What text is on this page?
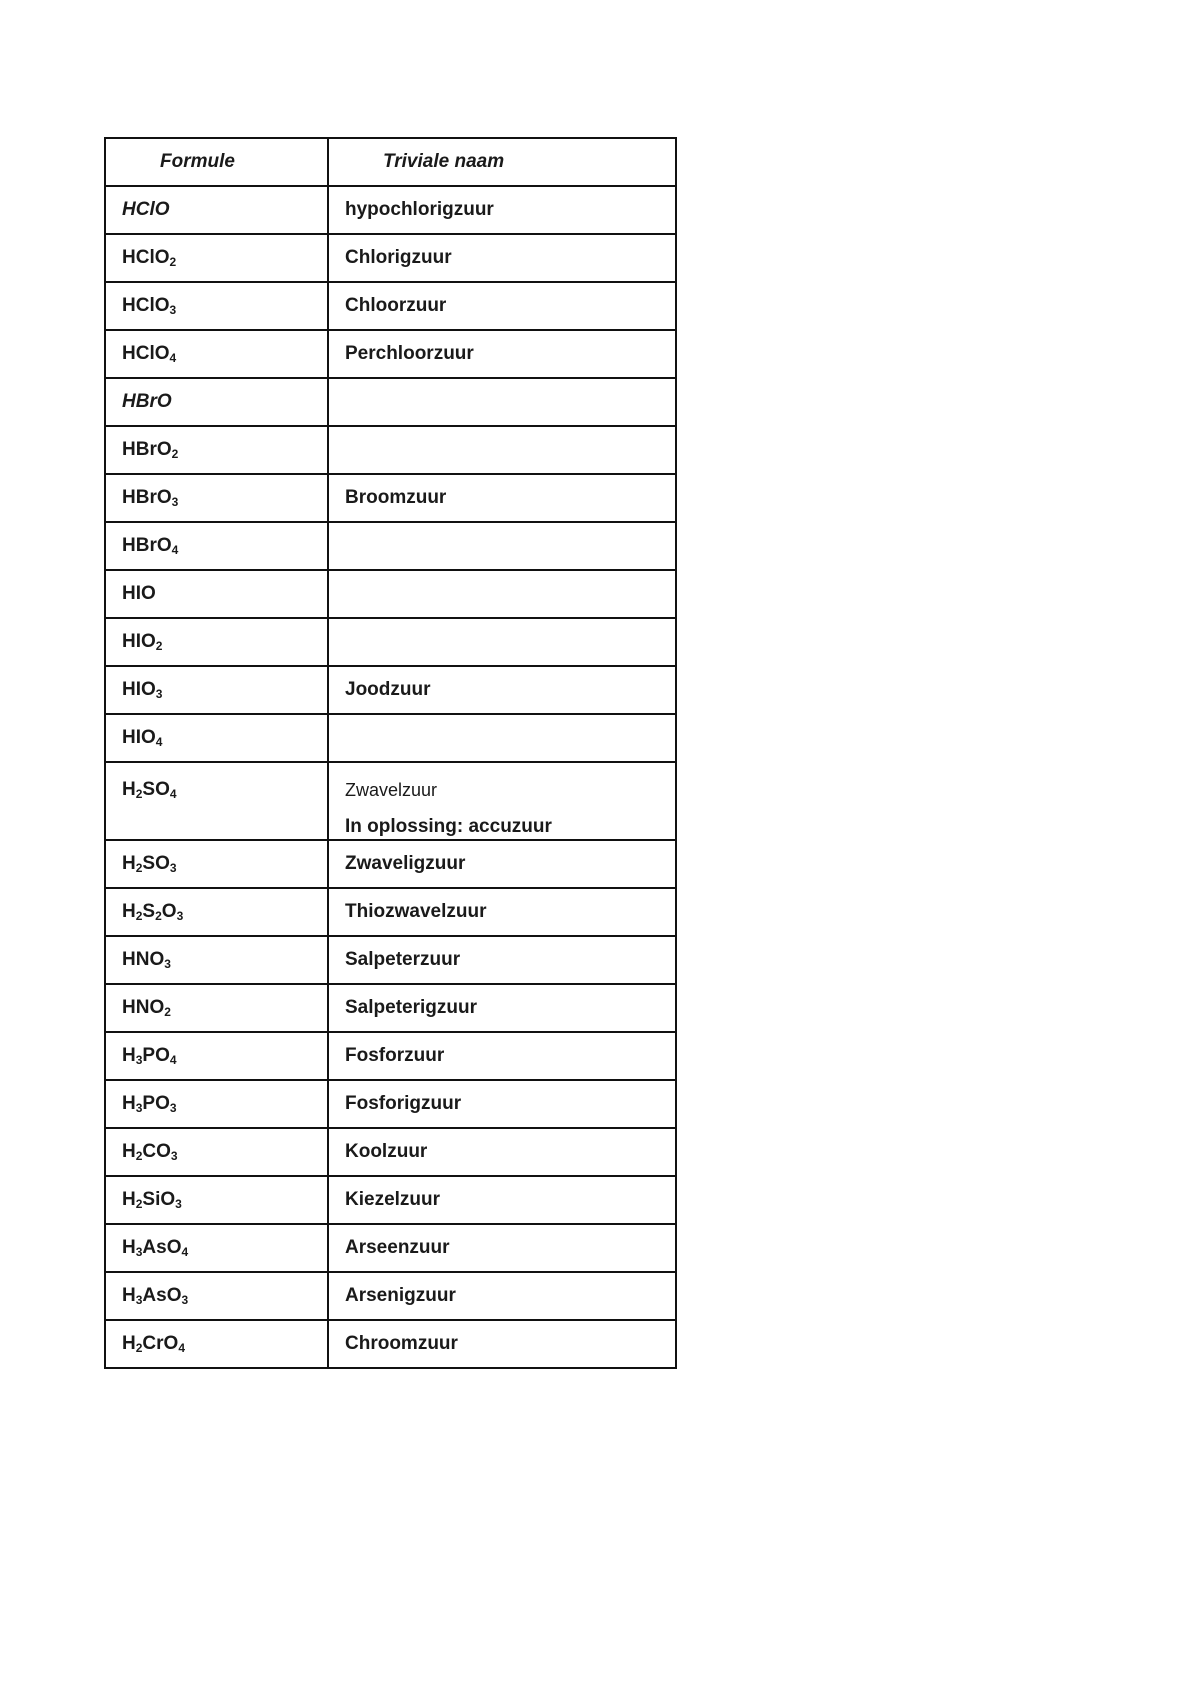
Formule	Triviale naam
HClO	hypochlorigzuur
HClO$_2$	Chlorigzuur
HClO$_3$	Chloorzuur
HClO$_4$	Perchloorzuur
HBrO	
HBrO$_2$	
HBrO$_3$	Broomzuur
HBrO$_4$	
HIO	
$HIO_2$	
$HIO_3$	Joodzuur
$HIO_4$	
$H_2SO_4$	Zwavelzuur
In oplossing: accuzuur

$H_2SO_3$	Zwaveligzuur
$H_2S_2O_3$	Thiozwavelzuur
$HNO_3$	Salpeterzuur
$HNO_2$	Salpeterigzuur
$H_3PO_4$	Fosforzuur
$H_3PO_3$	Fosforigzuur
$H_2CO_3$	Koolzuur
$H_2SiO_3$	Kiezelzuur
$H_3AsO_4$	Arseenzuur
$H_3AsO_3$	Arsenigzuur
$H_2CrO_4$	Chroomzuur
